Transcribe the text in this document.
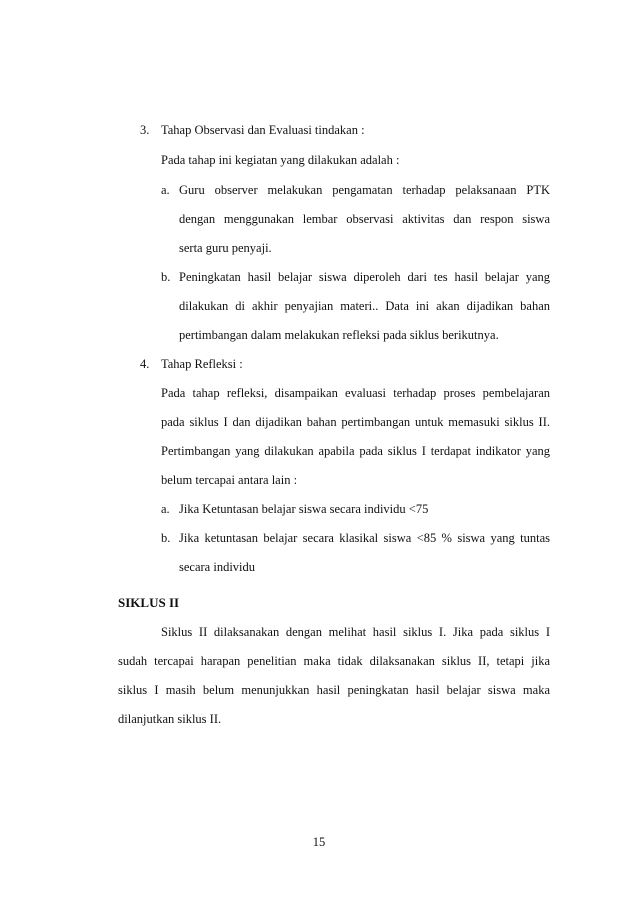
3. Tahap Observasi dan Evaluasi tindakan :
Pada tahap ini kegiatan yang dilakukan adalah :
a. Guru observer melakukan pengamatan terhadap pelaksanaan PTK
dengan menggunakan lembar observasi aktivitas dan respon siswa
serta guru penyaji.
b. Peningkatan hasil belajar siswa diperoleh dari tes hasil belajar yang
dilakukan di akhir penyajian materi.. Data ini akan dijadikan bahan
pertimbangan dalam melakukan refleksi pada siklus berikutnya.
4. Tahap Refleksi :
Pada tahap refleksi, disampaikan evaluasi terhadap proses pembelajaran
pada siklus I dan dijadikan bahan pertimbangan untuk memasuki siklus II.
Pertimbangan yang dilakukan apabila pada siklus I terdapat indikator yang
belum tercapai antara lain :
a. Jika Ketuntasan belajar siswa secara individu <75
b. Jika ketuntasan belajar secara klasikal siswa <85 % siswa yang tuntas
secara individu
SIKLUS II
Siklus II dilaksanakan dengan melihat hasil siklus I. Jika pada siklus I
sudah tercapai harapan penelitian maka tidak dilaksanakan siklus II, tetapi jika
siklus I masih belum menunjukkan hasil peningkatan hasil belajar siswa maka
dilanjutkan siklus II.
15
